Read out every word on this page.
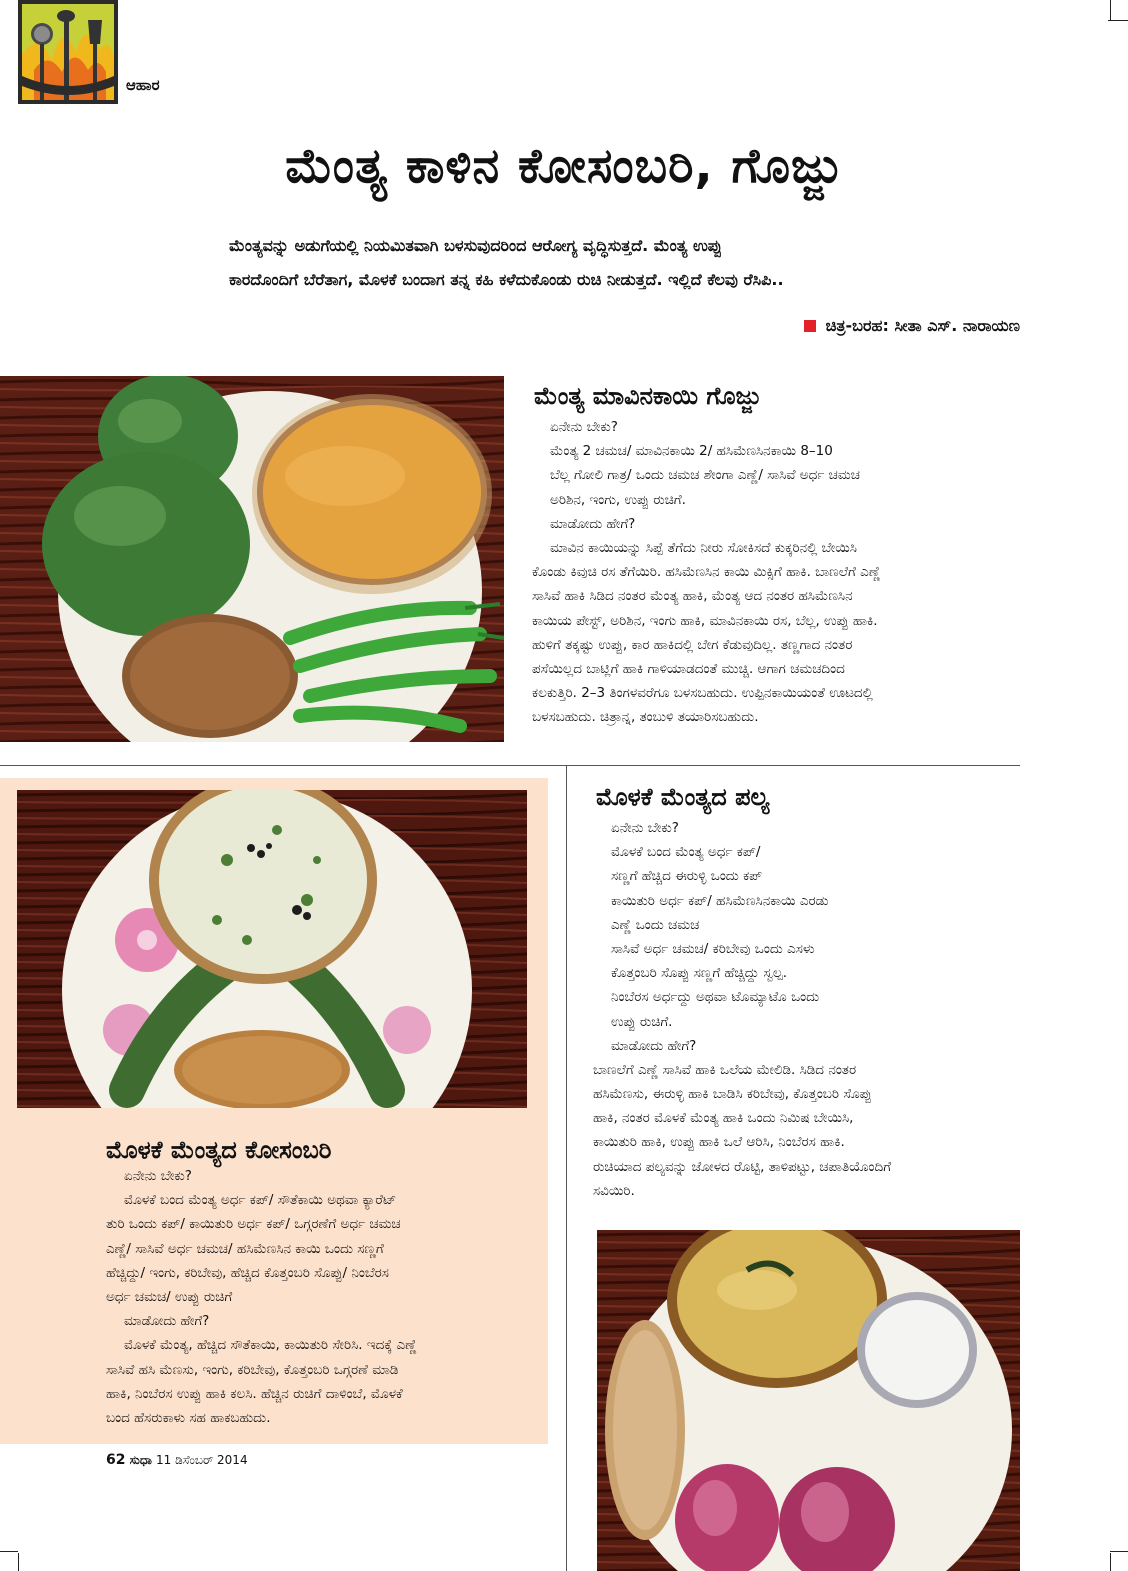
ಆಹಾರ
ಮೆಂತ್ಯ ಕಾಳಿನ ಕೋಸಂಬರಿ, ಗೊಜ್ಜು
ಮೆಂತ್ಯವನ್ನು ಅಡುಗೆಯಲ್ಲಿ ನಿಯಮಿತವಾಗಿ ಬಳಸುವುದರಿಂದ ಆರೋಗ್ಯ ವೃದ್ಧಿಸುತ್ತದೆ. ಮೆಂತ್ಯ ಉಪ್ಪು
ಕಾರದೊಂದಿಗೆ ಬೆರೆತಾಗ, ಮೊಳಕೆ ಬಂದಾಗ ತನ್ನ ಕಹಿ ಕಳೆದುಕೊಂಡು ರುಚಿ ನೀಡುತ್ತದೆ. ಇಲ್ಲಿದೆ ಕೆಲವು ರೆಸಿಪಿ..
ಚಿತ್ರ-ಬರಹ: ಸೀತಾ ಎಸ್. ನಾರಾಯಣ
ಮೆಂತ್ಯ ಮಾವಿನಕಾಯಿ ಗೊಜ್ಜು
ಏನೇನು ಬೇಕು?
ಮೆಂತ್ಯ 2 ಚಮಚ/ ಮಾವಿನಕಾಯಿ 2/ ಹಸಿಮೆಣಸಿನಕಾಯಿ 8–10
ಬೆಲ್ಲ ಗೋಲಿ ಗಾತ್ರ/ ಒಂದು ಚಮಚ ಶೇಂಗಾ ಎಣ್ಣೆ/ ಸಾಸಿವೆ ಅರ್ಧ ಚಮಚ
ಅರಿಶಿನ, ಇಂಗು, ಉಪ್ಪು ರುಚಿಗೆ.
ಮಾಡೋದು ಹೇಗೆ?
ಮಾವಿನ ಕಾಯಿಯನ್ನು ಸಿಪ್ಪೆ ತೆಗೆದು ನೀರು ಸೋಕಿಸದೆ ಕುಕ್ಕರಿನಲ್ಲಿ ಬೇಯಿಸಿ
ಕೊಂಡು ಕಿವುಚಿ ರಸ ತೆಗೆಯಿರಿ. ಹಸಿಮೆಣಸಿನ ಕಾಯಿ ಮಿಕ್ಸಿಗೆ ಹಾಕಿ. ಬಾಣಲೆಗೆ ಎಣ್ಣೆ
ಸಾಸಿವೆ ಹಾಕಿ ಸಿಡಿದ ನಂತರ ಮೆಂತ್ಯ ಹಾಕಿ, ಮೆಂತ್ಯ ಆದ ನಂತರ ಹಸಿಮೆಣಸಿನ
ಕಾಯಿಯ ಪೇಸ್ಟ್, ಅರಿಶಿನ, ಇಂಗು ಹಾಕಿ, ಮಾವಿನಕಾಯಿ ರಸ, ಬೆಲ್ಲ, ಉಪ್ಪು ಹಾಕಿ.
ಹುಳಿಗೆ ತಕ್ಕಷ್ಟು ಉಪ್ಪು, ಕಾರ ಹಾಕಿದಲ್ಲಿ ಬೇಗ ಕೆಡುವುದಿಲ್ಲ. ತಣ್ಣಗಾದ ನಂತರ
ಪಸೆಯಿಲ್ಲದ ಬಾಟ್ಲಿಗೆ ಹಾಕಿ ಗಾಳಿಯಾಡದಂತೆ ಮುಚ್ಚಿ. ಆಗಾಗ ಚಮಚದಿಂದ
ಕಲಕುತ್ತಿರಿ. 2–3 ತಿಂಗಳವರೆಗೂ ಬಳಸಬಹುದು. ಉಪ್ಪಿನಕಾಯಿಯಂತೆ ಊಟದಲ್ಲಿ
ಬಳಸಬಹುದು. ಚಿತ್ರಾನ್ನ, ತಂಬುಳಿ ತಯಾರಿಸಬಹುದು.
ಮೊಳಕೆ ಮೆಂತ್ಯದ ಕೋಸಂಬರಿ
ಏನೇನು ಬೇಕು?
ಮೊಳಕೆ ಬಂದ ಮೆಂತ್ಯ ಅರ್ಧ ಕಪ್/ ಸೌತೆಕಾಯಿ ಅಥವಾ ಕ್ಯಾರೆಟ್
ತುರಿ ಒಂದು ಕಪ್/ ಕಾಯಿತುರಿ ಅರ್ಧ ಕಪ್/ ಒಗ್ಗರಣೆಗೆ ಅರ್ಧ ಚಮಚ
ಎಣ್ಣೆ/ ಸಾಸಿವೆ ಅರ್ಧ ಚಮಚ/ ಹಸಿಮೆಣಸಿನ ಕಾಯಿ ಒಂದು ಸಣ್ಣಗೆ
ಹೆಚ್ಚಿದ್ದು/ ಇಂಗು, ಕರಿಬೇವು, ಹೆಚ್ಚಿದ ಕೊತ್ತಂಬರಿ ಸೊಪ್ಪು/ ನಿಂಬೆರಸ
ಅರ್ಧ ಚಮಚ/ ಉಪ್ಪು ರುಚಿಗೆ
ಮಾಡೋದು ಹೇಗೆ?
ಮೊಳಕೆ ಮೆಂತ್ಯ, ಹೆಚ್ಚಿದ ಸೌತೆಕಾಯಿ, ಕಾಯಿತುರಿ ಸೇರಿಸಿ. ಇದಕ್ಕೆ ಎಣ್ಣೆ
ಸಾಸಿವೆ ಹಸಿ ಮೆಣಸು, ಇಂಗು, ಕರಿಬೇವು, ಕೊತ್ತಂಬರಿ ಒಗ್ಗರಣೆ ಮಾಡಿ
ಹಾಕಿ, ನಿಂಬೆರಸ ಉಪ್ಪು ಹಾಕಿ ಕಲಸಿ. ಹೆಚ್ಚಿನ ರುಚಿಗೆ ದಾಳಿಂಬೆ, ಮೊಳಕೆ
ಬಂದ ಹೆಸರುಕಾಳು ಸಹ ಹಾಕಬಹುದು.
ಮೊಳಕೆ ಮೆಂತ್ಯದ ಪಲ್ಯ
ಏನೇನು ಬೇಕು?
ಮೊಳಕೆ ಬಂದ ಮೆಂತ್ಯ ಅರ್ಧ ಕಪ್/
ಸಣ್ಣಗೆ ಹೆಚ್ಚಿದ ಈರುಳ್ಳಿ ಒಂದು ಕಪ್
ಕಾಯಿತುರಿ ಅರ್ಧ ಕಪ್/ ಹಸಿಮೆಣಸಿನಕಾಯಿ ಎರಡು
ಎಣ್ಣೆ ಒಂದು ಚಮಚ
ಸಾಸಿವೆ ಅರ್ಧ ಚಮಚ/ ಕರಿಬೇವು ಒಂದು ಎಸಳು
ಕೊತ್ತಂಬರಿ ಸೊಪ್ಪು ಸಣ್ಣಗೆ ಹೆಚ್ಚಿದ್ದು ಸ್ವಲ್ಪ.
ನಿಂಬೆರಸ ಅರ್ಧದ್ದು ಅಥವಾ ಟೊಮ್ಯಾಟೊ ಒಂದು
ಉಪ್ಪು ರುಚಿಗೆ.
ಮಾಡೋದು ಹೇಗೆ?
ಬಾಣಲೆಗೆ ಎಣ್ಣೆ ಸಾಸಿವೆ ಹಾಕಿ ಒಲೆಯ ಮೇಲಿಡಿ. ಸಿಡಿದ ನಂತರ
ಹಸಿಮೆಣಸು, ಈರುಳ್ಳಿ ಹಾಕಿ ಬಾಡಿಸಿ ಕರಿಬೇವು, ಕೊತ್ತಂಬರಿ ಸೊಪ್ಪು
ಹಾಕಿ, ನಂತರ ಮೊಳಕೆ ಮೆಂತ್ಯ ಹಾಕಿ ಒಂದು ನಿಮಿಷ ಬೇಯಿಸಿ,
ಕಾಯಿತುರಿ ಹಾಕಿ, ಉಪ್ಪು ಹಾಕಿ ಒಲೆ ಆರಿಸಿ, ನಿಂಬೆರಸ ಹಾಕಿ.
ರುಚಿಯಾದ ಪಲ್ಯವನ್ನು ಜೋಳದ ರೊಟ್ಟಿ, ತಾಳಿಪಟ್ಟು, ಚಪಾತಿಯೊಂದಿಗೆ
ಸವಿಯಿರಿ.
62 ಸುಧಾ 11 ಡಿಸೆಂಬರ್ 2014
